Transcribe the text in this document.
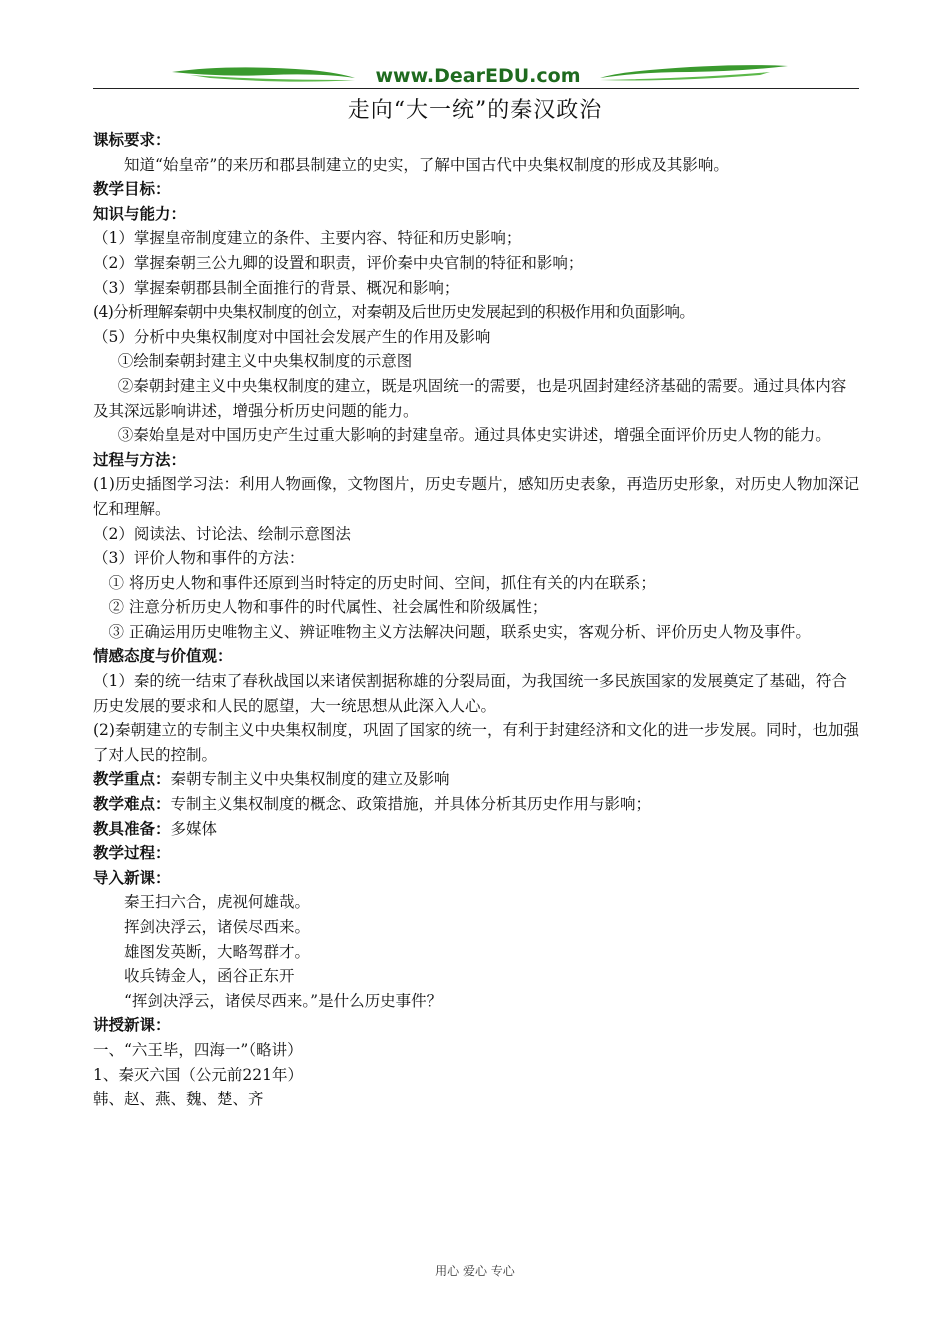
www.DearEDU.com
走向“大一统”的秦汉政治

课标要求：

知道“始皇帝”的来历和郡县制建立的史实，了解中国古代中央集权制度的形成及其影响。

教学目标：

知识与能力：

（1）掌握皇帝制度建立的条件、主要内容、特征和历史影响；

（2）掌握秦朝三公九卿的设置和职责，评价秦中央官制的特征和影响；

（3）掌握秦朝郡县制全面推行的背景、概况和影响；

(4)分析理解秦朝中央集权制度的创立，对秦朝及后世历史发展起到的积极作用和负面影响。

（5）分析中央集权制度对中国社会发展产生的作用及影响

①绘制秦朝封建主义中央集权制度的示意图

②秦朝封建主义中央集权制度的建立，既是巩固统一的需要，也是巩固封建经济基础的需要。通过具体内容及其深远影响讲述，增强分析历史问题的能力。

③秦始皇是对中国历史产生过重大影响的封建皇帝。通过具体史实讲述，增强全面评价历史人物的能力。

过程与方法：

(1)历史插图学习法：利用人物画像，文物图片，历史专题片，感知历史表象，再造历史形象，对历史人物加深记忆和理解。

（2）阅读法、讨论法、绘制示意图法

（3）评价人物和事件的方法：

① 将历史人物和事件还原到当时特定的历史时间、空间，抓住有关的内在联系；

② 注意分析历史人物和事件的时代属性、社会属性和阶级属性；

③ 正确运用历史唯物主义、辨证唯物主义方法解决问题，联系史实，客观分析、评价历史人物及事件。

情感态度与价值观：

（1）秦的统一结束了春秋战国以来诸侯割据称雄的分裂局面，为我国统一多民族国家的发展奠定了基础，符合历史发展的要求和人民的愿望，大一统思想从此深入人心。

(2)秦朝建立的专制主义中央集权制度，巩固了国家的统一，有利于封建经济和文化的进一步发展。同时，也加强了对人民的控制。

教学重点：秦朝专制主义中央集权制度的建立及影响

教学难点：专制主义集权制度的概念、政策措施，并具体分析其历史作用与影响；

教具准备：多媒体

教学过程：

导入新课：

秦王扫六合，虎视何雄哉。

挥剑决浮云，诸侯尽西来。

雄图发英断，大略驾群才。

收兵铸金人，函谷正东开

“挥剑决浮云，诸侯尽西来。”是什么历史事件？

讲授新课：

一、“六王毕，四海一”（略讲）

1、秦灭六国（公元前221年）

韩、赵、燕、魏、楚、齐

用心 爱心 专心
